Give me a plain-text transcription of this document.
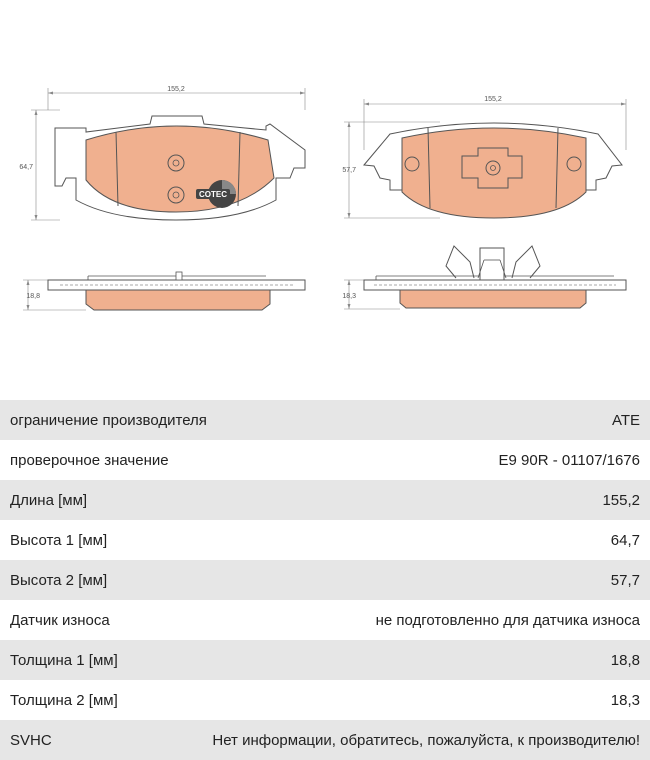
155,2
64,7
COTEC
155,2
57,7
18,8	18,3
ограничение производителя	ATE
проверочное значение	E9 90R - 01107/1676
Длина [мм]	155,2
Высота 1 [мм]	64,7
Высота 2 [мм]	57,7
Датчик износа	не подготовленно для датчика износа
Толщина 1 [мм]	18,8
Толщина 2 [мм]	18,3
SVHC	Нет информации, обратитесь, пожалуйста, к производителю!
